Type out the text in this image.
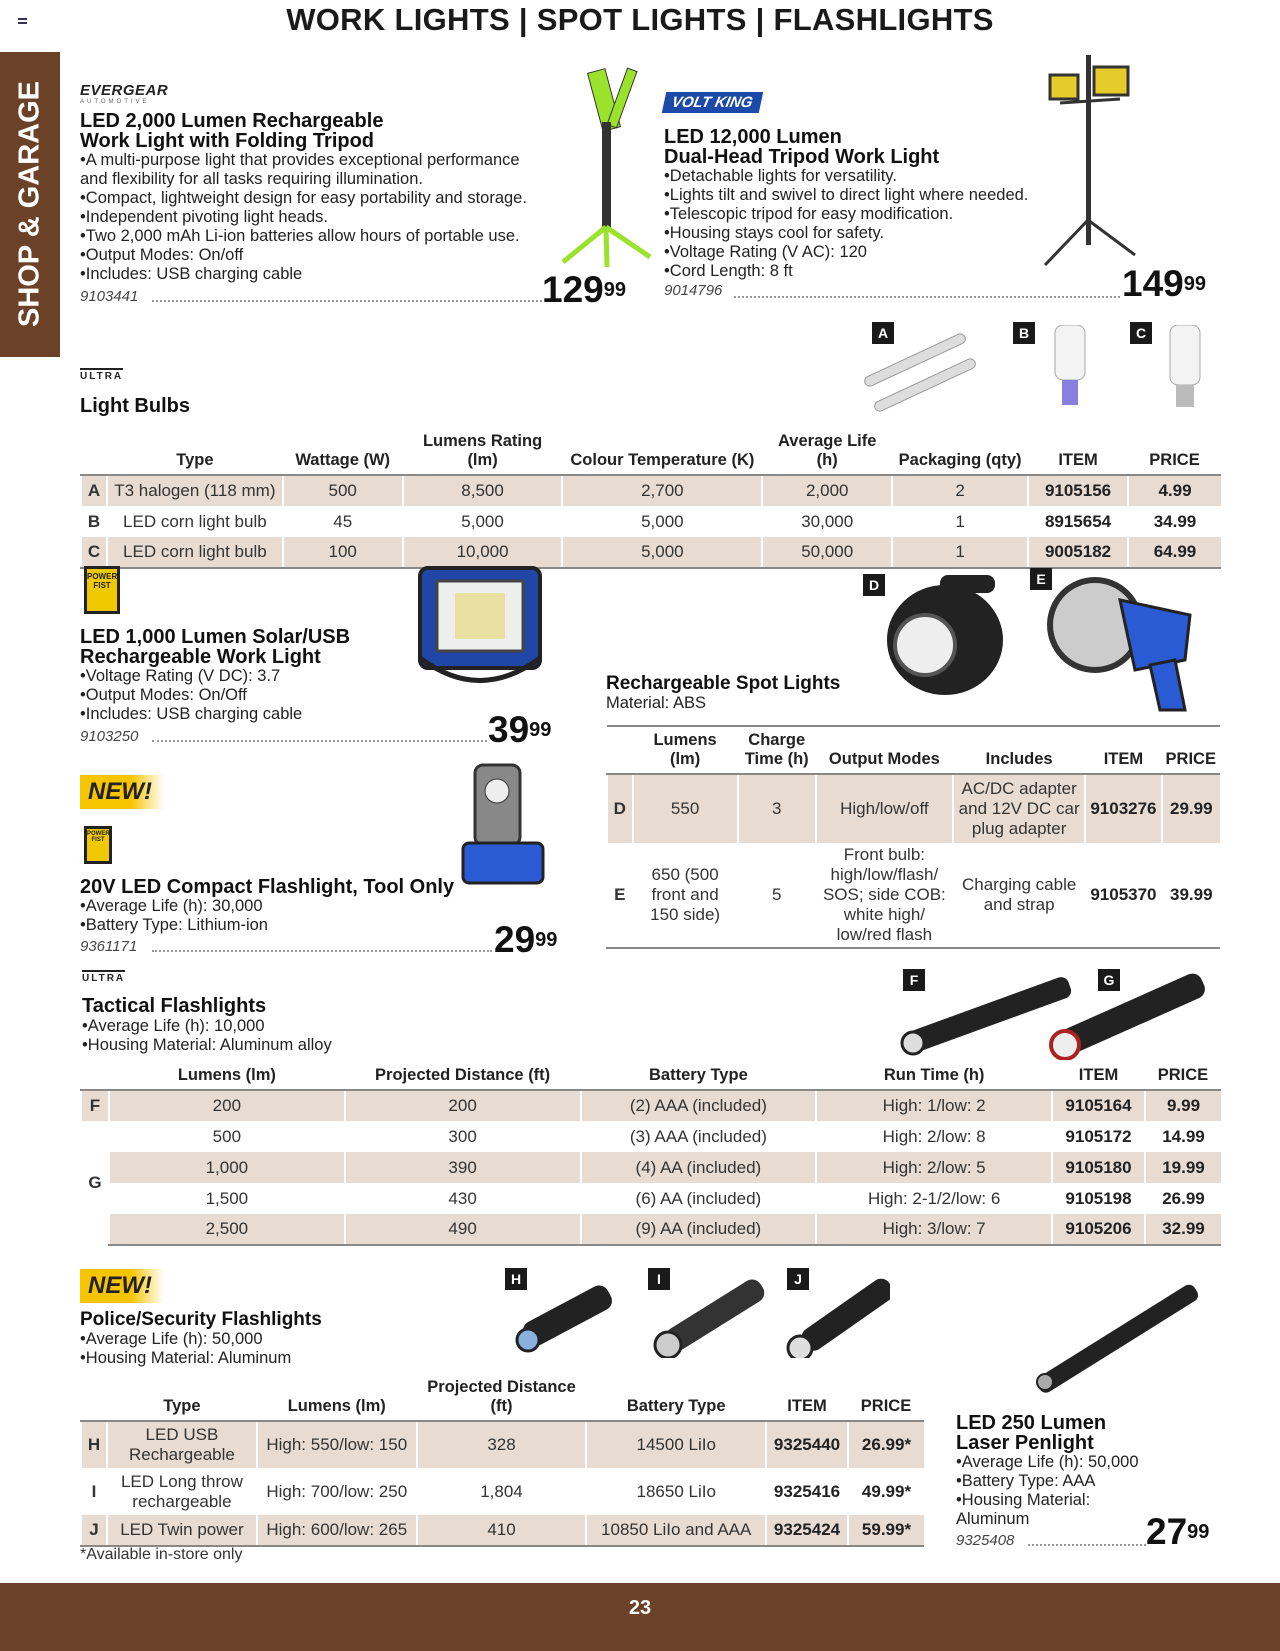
WORK LIGHTS | SPOT LIGHTS | FLASHLIGHTS
SHOP & GARAGE EVERGEAR
AUTOMOTIVE
LED 2,000 Lumen Rechargeable
Work Light with Folding Tripod
•A multi-purpose light that provides exceptional performance
and flexibility for all tasks requiring illumination.
•Compact, lightweight design for easy portability and storage.
•Independent pivoting light heads.
•Two 2,000 mAh Li-ion batteries allow hours of portable use.
•Output Modes: On/off
•Includes: USB charging cable
9103441	$129^{99}$
VOLT KING
LED 12,000 Lumen
Dual-Head Tripod Work Light
•Detachable lights for versatility.
•Lights tilt and swivel to direct light where needed.
•Telescopic tripod for easy modification.
•Housing stays cool for safety.
•Voltage Rating (V AC): 120
•Cord Length: 8 ft
9014796	$149^{99}$
A	B	C
ULTRA
Light Bulbs
	Type	Wattage (W)	Lumens Rating (lm)	Colour Temperature (K)	Average Life (h)	Packaging (qty)	ITEM	PRICE
A	T3 halogen (118 mm)	500	8,500	2,700	2,000	2	9105156	4.99
B	LED corn light bulb	45	5,000	5,000	30,000	1	8915654	34.99
C	LED corn light bulb	100	10,000	5,000	50,000	1	9005182	64.99
POWER FIST
LED 1,000 Lumen Solar/USB
Rechargeable Work Light
•Voltage Rating (V DC): 3.7
•Output Modes: On/Off
•Includes: USB charging cable
9103250	$39^{99}$
NEW!
POWER FIST
20V LED Compact Flashlight, Tool Only
•Average Life (h): 30,000
•Battery Type: Lithium-ion
9361171	$29^{99}$
D	E
Rechargeable Spot Lights
Material: ABS
	Lumens (lm)	Charge Time (h)	Output Modes	Includes	ITEM	PRICE
D	550	3	High/low/off	AC/DC adapter and 12V DC car plug adapter	9103276	29.99
E	650 (500 front and 150 side)	5	Front bulb: high/low/flash/ SOS; side COB: white high/ low/red flash	Charging cable and strap	9105370	39.99
ULTRA
Tactical Flashlights
•Average Life (h): 10,000
•Housing Material: Aluminum alloy
F	G
	Lumens (lm)	Projected Distance (ft)	Battery Type	Run Time (h)	ITEM	PRICE
F	200	200	(2) AAA (included)	High: 1/low: 2	9105164	9.99
G	500	300	(3) AAA (included)	High: 2/low: 8	9105172	14.99
	1,000	390	(4) AA (included)	High: 2/low: 5	9105180	19.99
	1,500	430	(6) AA (included)	High: 2-1/2/low: 6	9105198	26.99
	2,500	490	(9) AA (included)	High: 3/low: 7	9105206	32.99
NEW!
Police/Security Flashlights
•Average Life (h): 50,000
•Housing Material: Aluminum
H	I	J
	Type	Lumens (lm)	Projected Distance (ft)	Battery Type	ITEM	PRICE
H	LED USB Rechargeable	High: 550/low: 150	328	14500 LiIo	9325440	26.99*
I	LED Long throw rechargeable	High: 700/low: 250	1,804	18650 LiIo	9325416	49.99*
J	LED Twin power	High: 600/low: 265	410	10850 LiIo and AAA	9325424	59.99*
*Available in-store only
LED 250 Lumen
Laser Penlight
•Average Life (h): 50,000
•Battery Type: AAA
•Housing Material:
Aluminum
9325408	$27^{99}$
23
